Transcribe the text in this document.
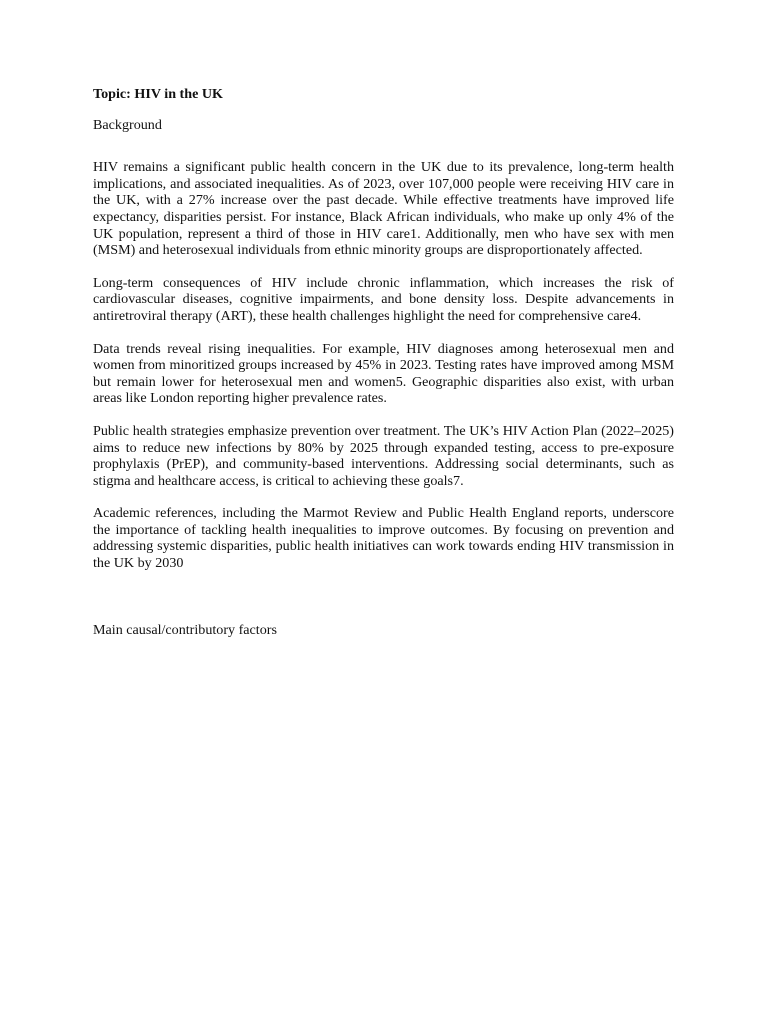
Topic: HIV in the UK

Background

HIV remains a significant public health concern in the UK due to its prevalence, long-term health implications, and associated inequalities. As of 2023, over 107,000 people were receiving HIV care in the UK, with a 27% increase over the past decade. While effective treatments have improved life expectancy, disparities persist. For instance, Black African individuals, who make up only 4% of the UK population, represent a third of those in HIV care1. Additionally, men who have sex with men (MSM) and heterosexual individuals from ethnic minority groups are disproportionately affected.

Long-term consequences of HIV include chronic inflammation, which increases the risk of cardiovascular diseases, cognitive impairments, and bone density loss. Despite advancements in antiretroviral therapy (ART), these health challenges highlight the need for comprehensive care4.

Data trends reveal rising inequalities. For example, HIV diagnoses among heterosexual men and women from minoritized groups increased by 45% in 2023. Testing rates have improved among MSM but remain lower for heterosexual men and women5. Geographic disparities also exist, with urban areas like London reporting higher prevalence rates.

Public health strategies emphasize prevention over treatment. The UK’s HIV Action Plan (2022–2025) aims to reduce new infections by 80% by 2025 through expanded testing, access to pre-exposure prophylaxis (PrEP), and community-based interventions. Addressing social determinants, such as stigma and healthcare access, is critical to achieving these goals7.

Academic references, including the Marmot Review and Public Health England reports, underscore the importance of tackling health inequalities to improve outcomes. By focusing on prevention and addressing systemic disparities, public health initiatives can work towards ending HIV transmission in the UK by 2030

Main causal/contributory factors
